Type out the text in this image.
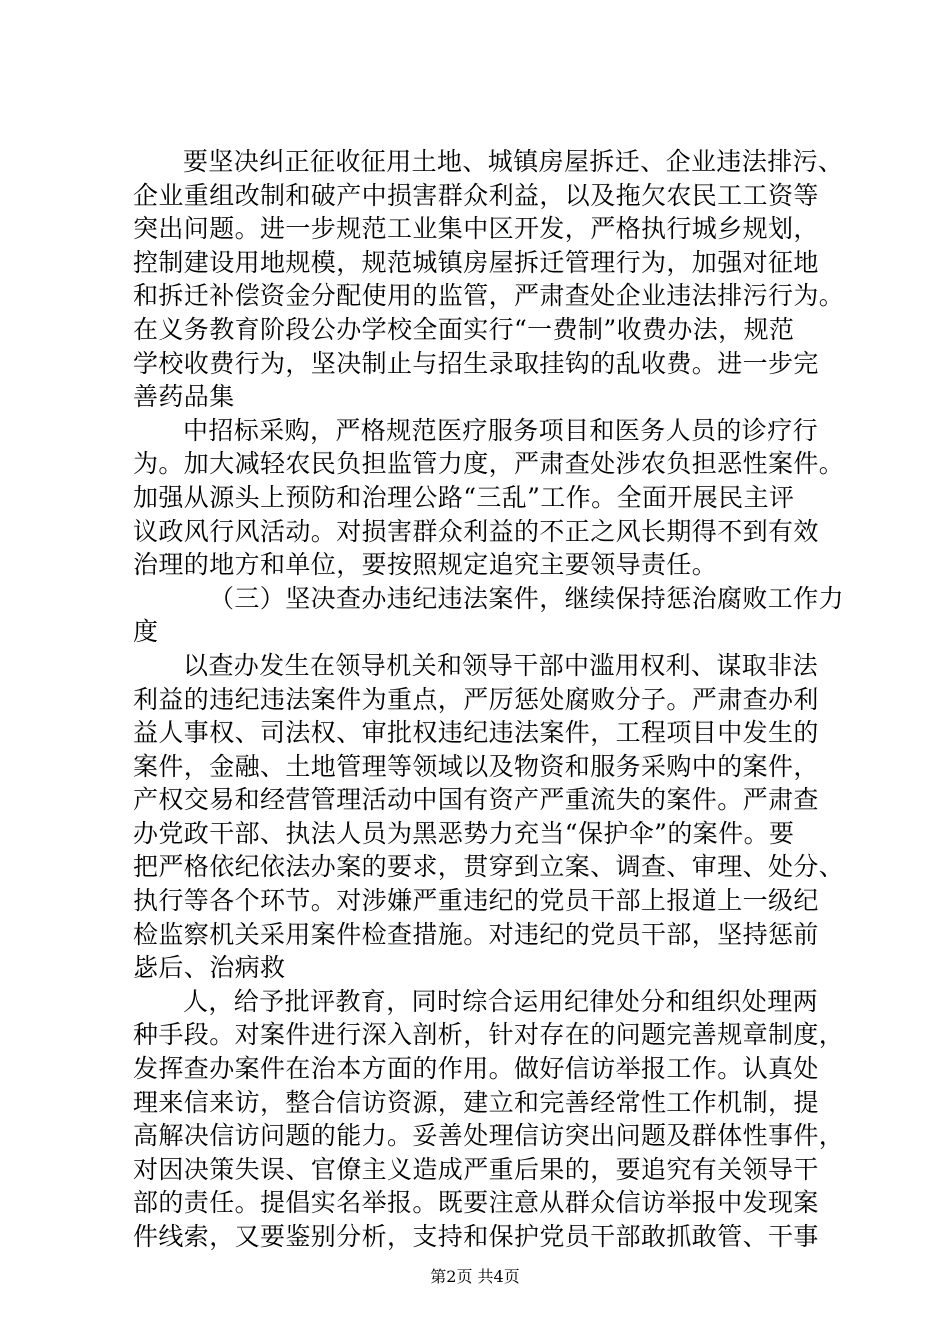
要坚决纠正征收征用土地、城镇房屋拆迁、企业违法排污、
企业重组改制和破产中损害群众利益，以及拖欠农民工工资等
突出问题。进一步规范工业集中区开发，严格执行城乡规划，
控制建设用地规模，规范城镇房屋拆迁管理行为，加强对征地
和拆迁补偿资金分配使用的监管，严肃查处企业违法排污行为。
在义务教育阶段公办学校全面实行“一费制”收费办法，规范
学校收费行为，坚决制止与招生录取挂钩的乱收费。进一步完
善药品集
中招标采购，严格规范医疗服务项目和医务人员的诊疗行
为。加大减轻农民负担监管力度，严肃查处涉农负担恶性案件。
加强从源头上预防和治理公路“三乱”工作。全面开展民主评
议政风行风活动。对损害群众利益的不正之风长期得不到有效
治理的地方和单位，要按照规定追究主要领导责任。
（三）坚决查办违纪违法案件，继续保持惩治腐败工作力
度
以查办发生在领导机关和领导干部中滥用权利、谋取非法
利益的违纪违法案件为重点，严厉惩处腐败分子。严肃查办利
益人事权、司法权、审批权违纪违法案件，工程项目中发生的
案件，金融、土地管理等领域以及物资和服务采购中的案件，
产权交易和经营管理活动中国有资产严重流失的案件。严肃查
办党政干部、执法人员为黑恶势力充当“保护伞”的案件。要
把严格依纪依法办案的要求，贯穿到立案、调查、审理、处分、
执行等各个环节。对涉嫌严重违纪的党员干部上报道上一级纪
检监察机关采用案件检查措施。对违纪的党员干部，坚持惩前
毖后、治病救
人，给予批评教育，同时综合运用纪律处分和组织处理两
种手段。对案件进行深入剖析，针对存在的问题完善规章制度，
发挥查办案件在治本方面的作用。做好信访举报工作。认真处
理来信来访，整合信访资源，建立和完善经常性工作机制，提
高解决信访问题的能力。妥善处理信访突出问题及群体性事件，
对因决策失误、官僚主义造成严重后果的，要追究有关领导干
部的责任。提倡实名举报。既要注意从群众信访举报中发现案
件线索，又要鉴别分析，支持和保护党员干部敢抓敢管、干事
第2页 共4页
